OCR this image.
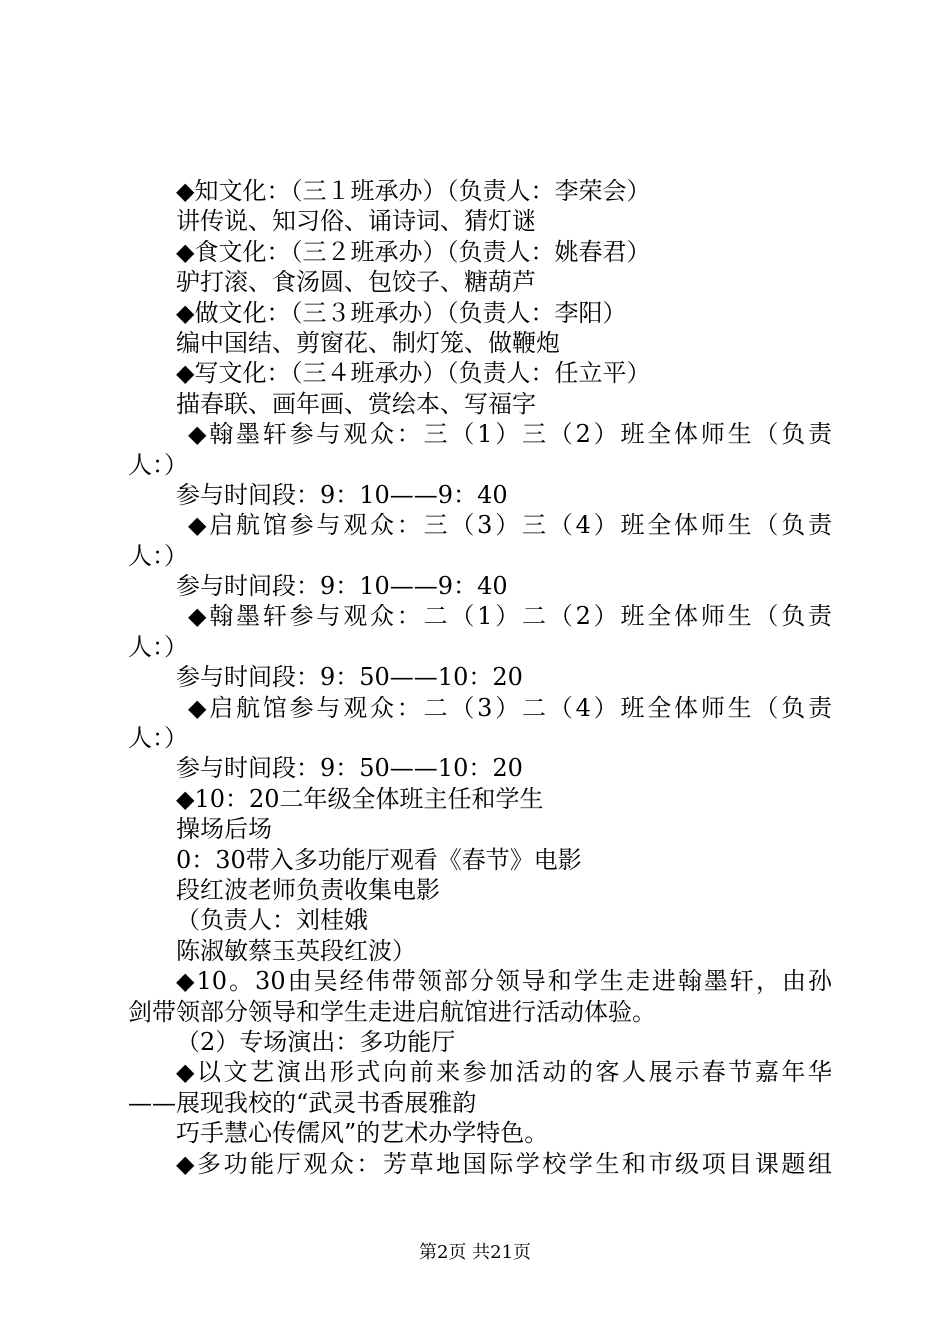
◆知文化：（三１班承办）（负责人：李荣会）
讲传说、知习俗、诵诗词、猜灯谜
◆食文化：（三２班承办）（负责人：姚春君）
驴打滚、食汤圆、包饺子、糖葫芦
◆做文化：（三３班承办）（负责人：李阳）
编中国结、剪窗花、制灯笼、做鞭炮
◆写文化：（三４班承办）（负责人：任立平）
描春联、画年画、赏绘本、写福字
◆翰墨轩参与观众：三（1）三（2）班全体师生（负责
人：）
参与时间段：9：10——9：40
◆启航馆参与观众：三（3）三（4）班全体师生（负责
人：）
参与时间段：9：10——9：40
◆翰墨轩参与观众：二（1）二（2）班全体师生（负责
人：）
参与时间段：9：50——10：20
◆启航馆参与观众：二（3）二（4）班全体师生（负责
人：）
参与时间段：9：50——10：20
◆10：20二年级全体班主任和学生
操场后场
0：30带入多功能厅观看《春节》电影
段红波老师负责收集电影
（负责人：刘桂娥
陈淑敏蔡玉英段红波）
◆10。30由吴经伟带领部分领导和学生走进翰墨轩，由孙
剑带领部分领导和学生走进启航馆进行活动体验。
（2）专场演出：多功能厅
◆以文艺演出形式向前来参加活动的客人展示春节嘉年华
——展现我校的“武灵书香展雅韵
巧手慧心传儒风”的艺术办学特色。
◆多功能厅观众：芳草地国际学校学生和市级项目课题组
第2页 共21页
